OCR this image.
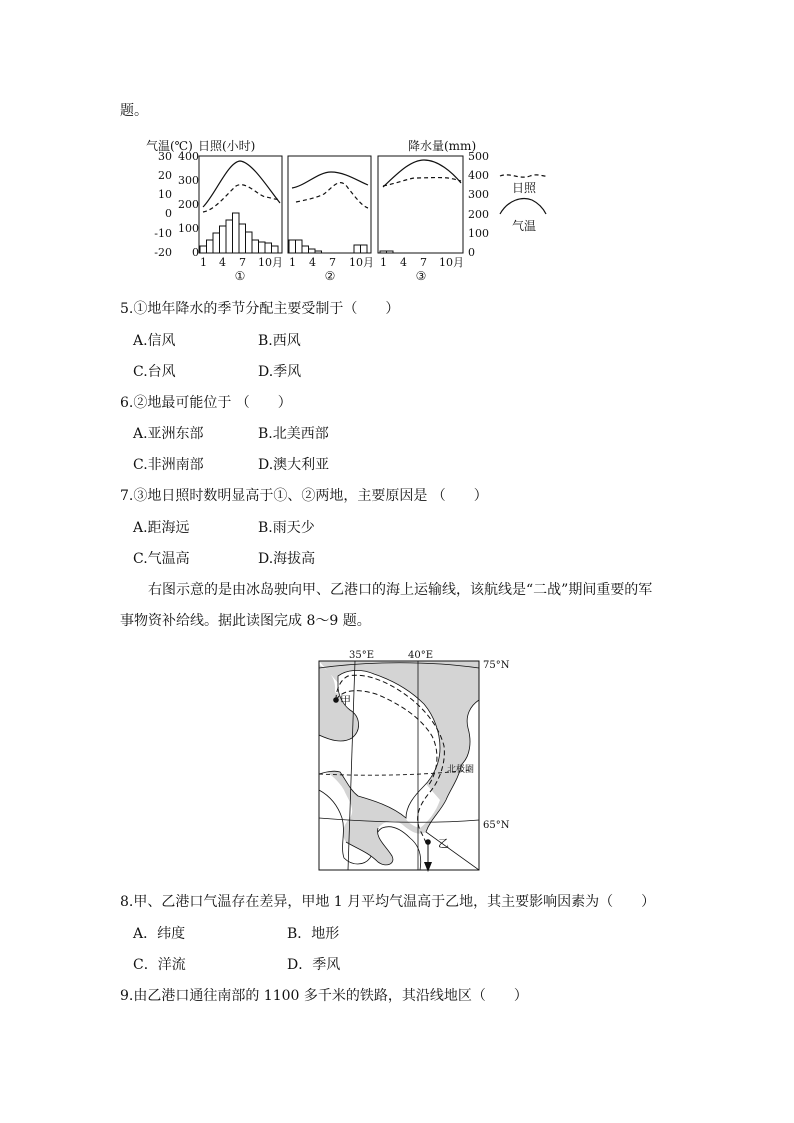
题。
气温(℃) 日照(小时)	降水量(mm)
30
20
10
0
-10
-20
400
300
200
100
0
500
400
300
200
100
0
1 4 7 10月 1 4 7 10月 1 4 7 10月
①	②	③
日照
气温
5.①地年降水的季节分配主要受制于（　　）
A.信风	B.西风
C.台风	D.季风
6.②地最可能位于 （　　）
A.亚洲东部	B.北美西部
C.非洲南部	D.澳大利亚
7.③地日照时数明显高于①、②两地，主要原因是 （　　）
A.距海远	B.雨天少
C.气温高	D.海拔高
右图示意的是由冰岛驶向甲、乙港口的海上运输线，该航线是“二战”期间重要的军
事物资补给线。据此读图完成 8～9 题。
甲
乙
北极圈
35°E	40°E
75°N
65°N
8.甲、乙港口气温存在差异，甲地 1 月平均气温高于乙地，其主要影响因素为（　　）
A．纬度	B．地形
C．洋流	D．季风
9.由乙港口通往南部的 1100 多千米的铁路，其沿线地区（　　）
